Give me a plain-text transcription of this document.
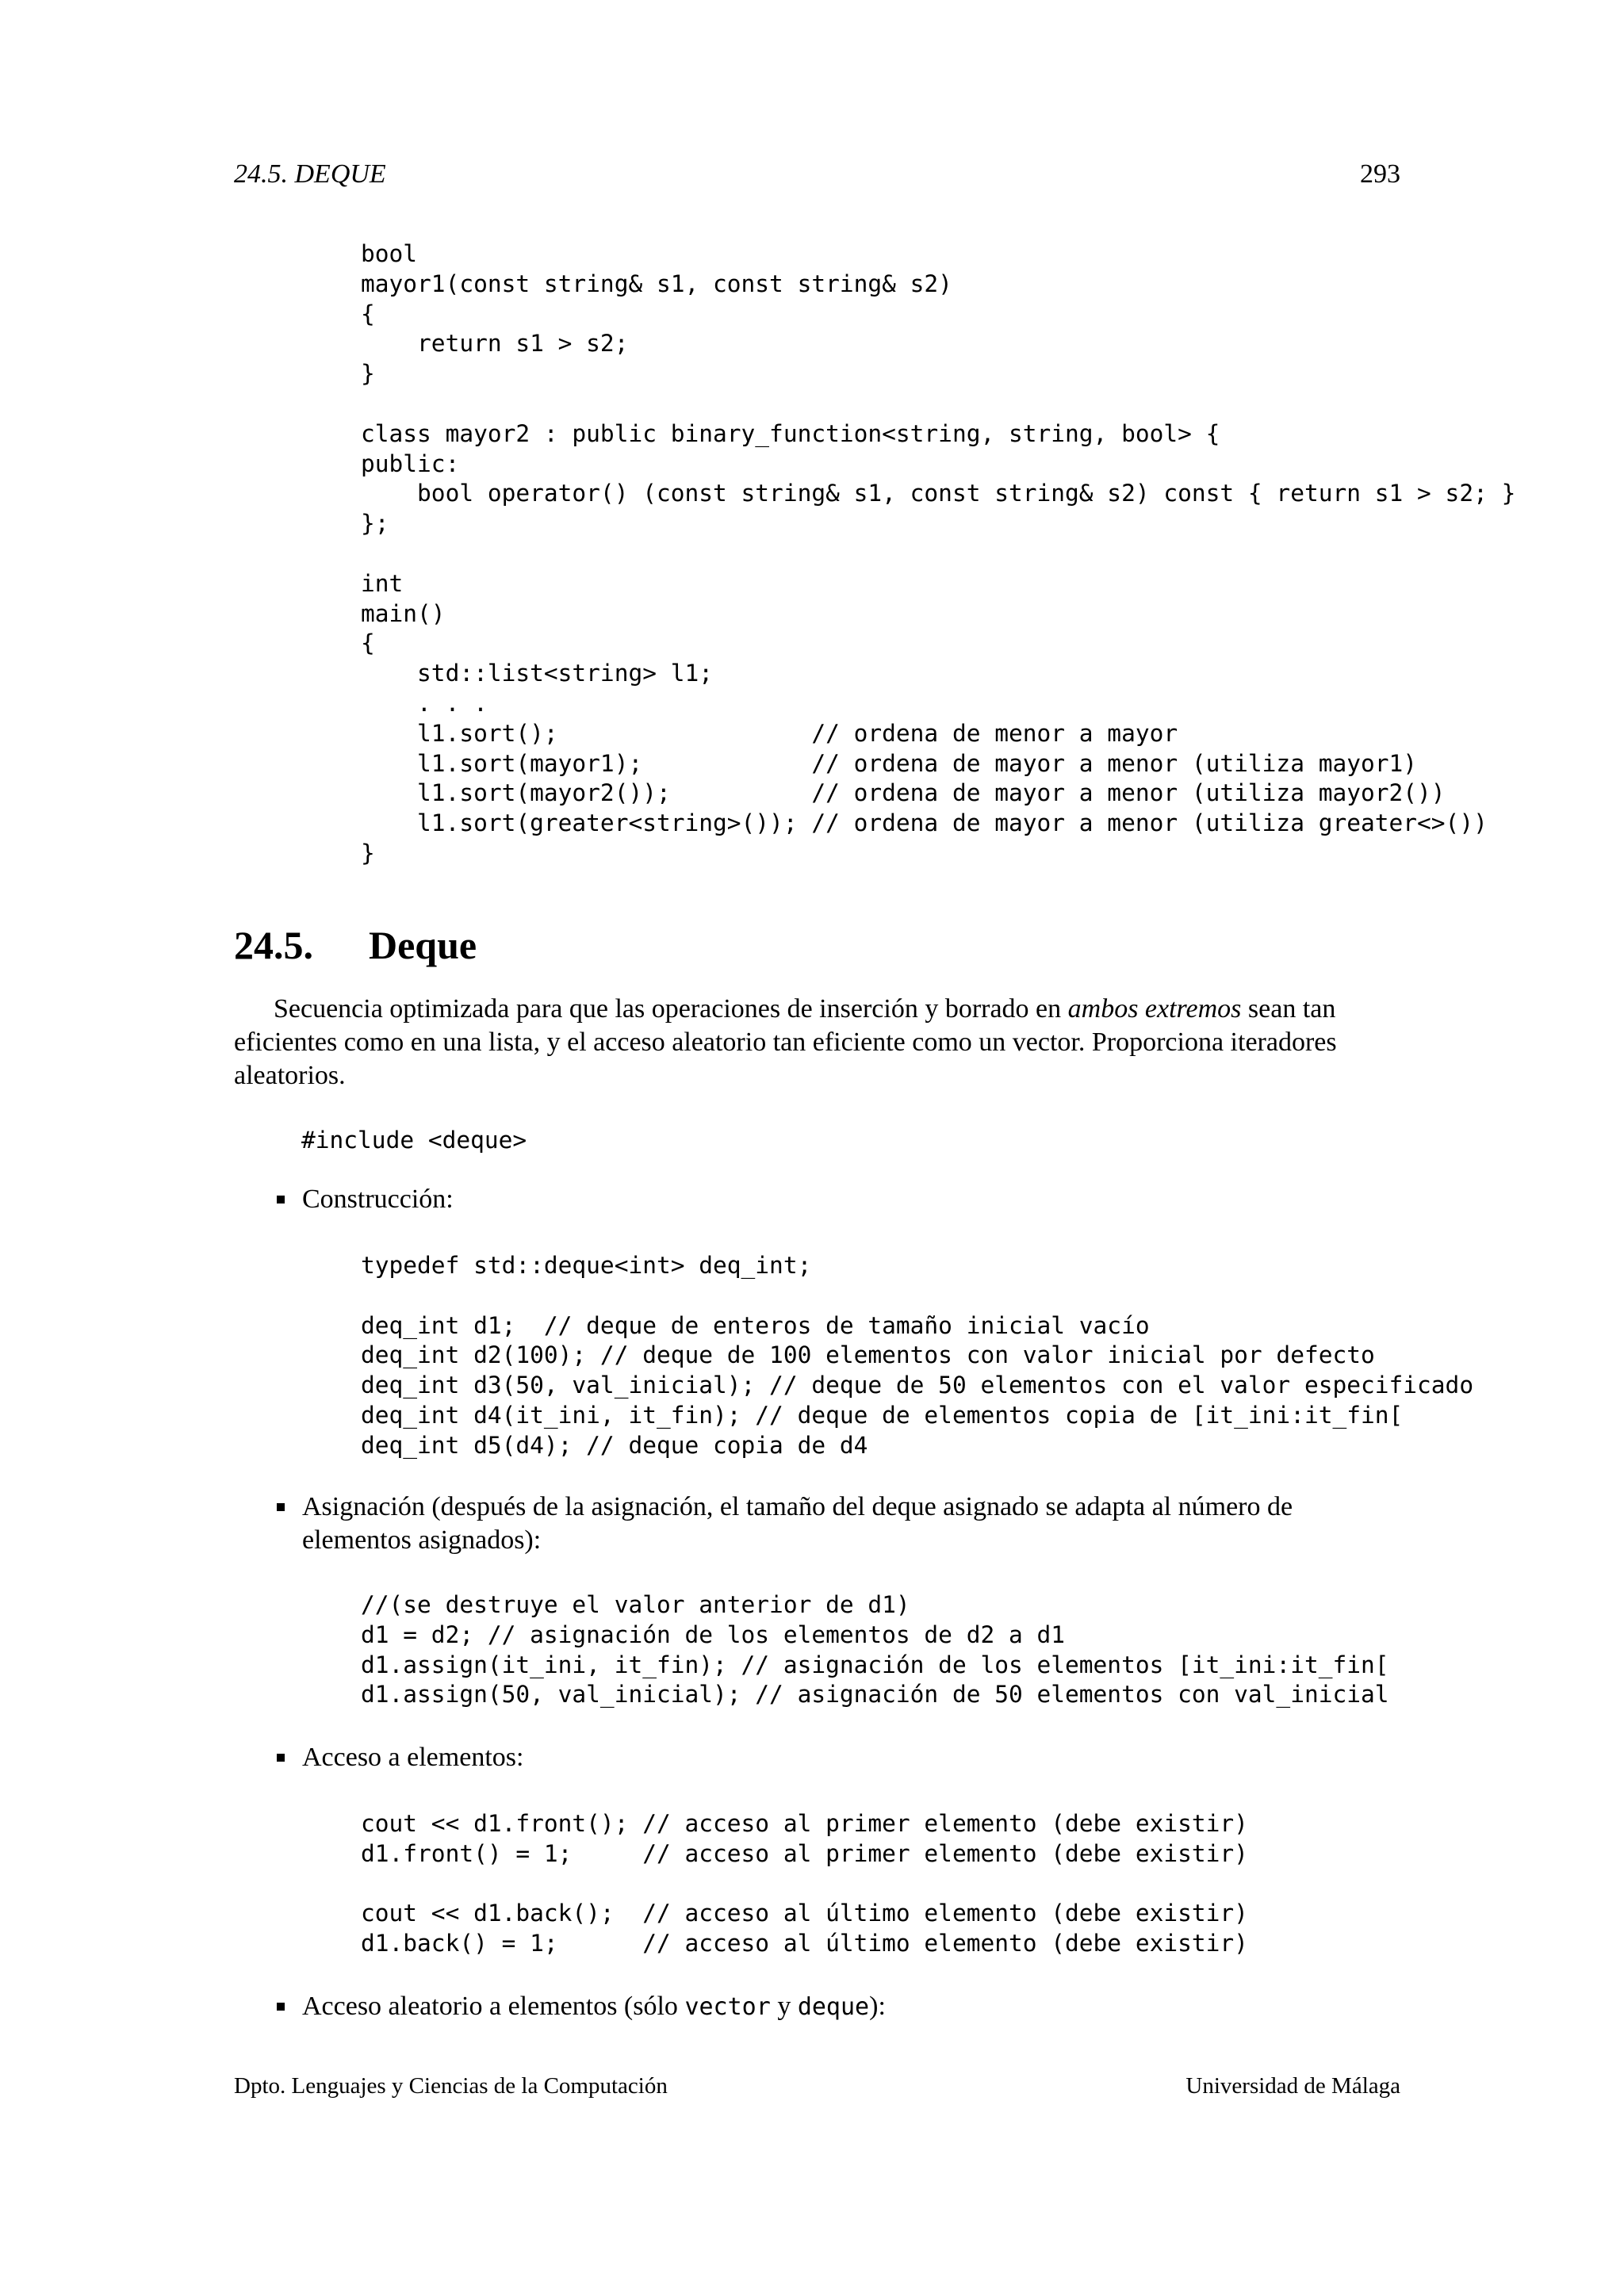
24.5. DEQUE	293
bool
mayor1(const string& s1, const string& s2)
{
return s1 > s2;
}

class mayor2 : public binary_function<string, string, bool> {
public:
bool operator() (const string& s1, const string& s2) const { return s1 > s2; }
};

int
main()
{
std::list<string> l1;
. . .
l1.sort();                  // ordena de menor a mayor
l1.sort(mayor1);            // ordena de mayor a menor (utiliza mayor1)
l1.sort(mayor2());          // ordena de mayor a menor (utiliza mayor2())
l1.sort(greater<string>()); // ordena de mayor a menor (utiliza greater<>())
}
24.5. Deque

Secuencia optimizada para que las operaciones de inserción y borrado en ambos extremos sean tan eficientes como en una lista, y el acceso aleatorio tan eficiente como un vector. Proporciona iteradores aleatorios.

#include <deque>
Construcción:
typedef std::deque<int> deq_int;

deq_int d1;  // deque de enteros de tamaño inicial vacío
deq_int d2(100); // deque de 100 elementos con valor inicial por defecto
deq_int d3(50, val_inicial); // deque de 50 elementos con el valor especificado
deq_int d4(it_ini, it_fin); // deque de elementos copia de [it_ini:it_fin[
deq_int d5(d4); // deque copia de d4
Asignación (después de la asignación, el tamaño del deque asignado se adapta al número de elementos asignados):
//(se destruye el valor anterior de d1)
d1 = d2; // asignación de los elementos de d2 a d1
d1.assign(it_ini, it_fin); // asignación de los elementos [it_ini:it_fin[
d1.assign(50, val_inicial); // asignación de 50 elementos con val_inicial
Acceso a elementos:
cout << d1.front(); // acceso al primer elemento (debe existir)
d1.front() = 1;     // acceso al primer elemento (debe existir)

cout << d1.back();  // acceso al último elemento (debe existir)
d1.back() = 1;      // acceso al último elemento (debe existir)
Acceso aleatorio a elementos (sólo vector y deque):
Dpto. Lenguajes y Ciencias de la Computación	Universidad de Málaga
